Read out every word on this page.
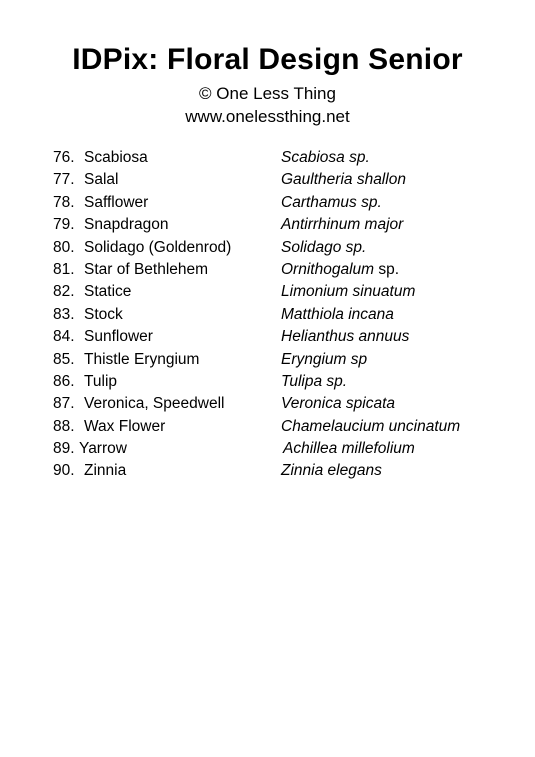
IDPix: Floral Design Senior
© One Less Thing
www.onelessthing.net
76. Scabiosa	Scabiosa sp.
77. Salal	Gaultheria shallon
78. Safflower	Carthamus sp.
79. Snapdragon	Antirrhinum major
80. Solidago (Goldenrod)	Solidago sp.
81. Star of Bethlehem	Ornithogalum sp.
82. Statice	Limonium sinuatum
83. Stock	Matthiola incana
84. Sunflower	Helianthus annuus
85. Thistle Eryngium	Eryngium sp
86. Tulip	Tulipa sp.
87. Veronica, Speedwell	Veronica spicata
88. Wax Flower	Chamelaucium uncinatum
89. Yarrow	Achillea millefolium
90. Zinnia	Zinnia elegans
